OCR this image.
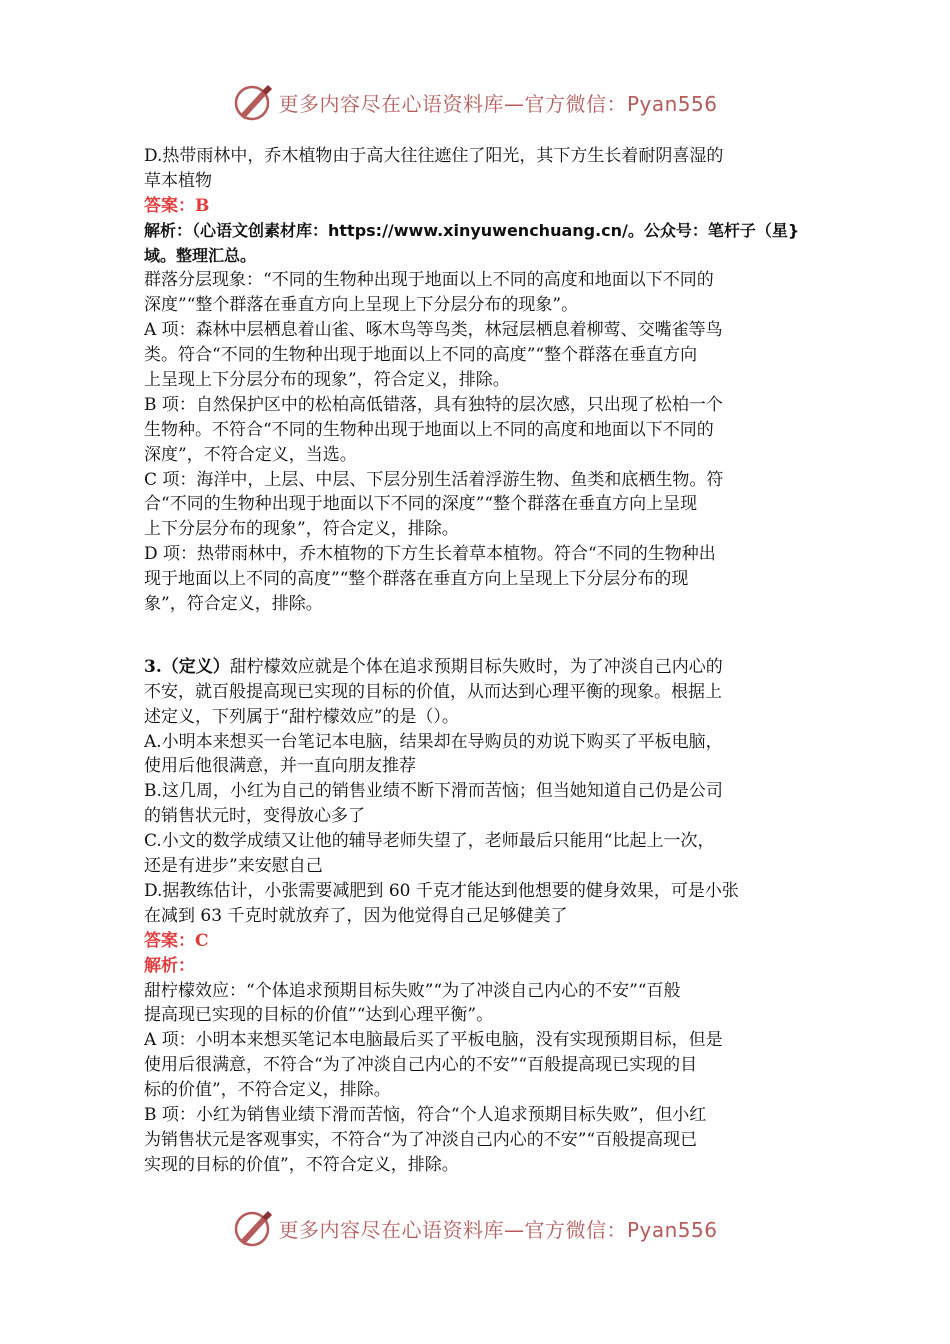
更多内容尽在心语资料库—官方微信：Pyan556
D.热带雨林中，乔木植物由于高大往往遮住了阳光，其下方生长着耐阴喜湿的
草本植物
答案：B
解析：（心语文创素材库：https://www.xinyuwenchuang.cn/。公众号：笔杆子（星}
域。整理汇总。
群落分层现象：“不同的生物种出现于地面以上不同的高度和地面以下不同的
深度”“整个群落在垂直方向上呈现上下分层分布的现象”。
A 项：森林中层栖息着山雀、啄木鸟等鸟类，林冠层栖息着柳莺、交嘴雀等鸟
类。符合“不同的生物种出现于地面以上不同的高度”“整个群落在垂直方向
上呈现上下分层分布的现象”，符合定义，排除。
B 项：自然保护区中的松柏高低错落，具有独特的层次感，只出现了松柏一个
生物种。不符合“不同的生物种出现于地面以上不同的高度和地面以下不同的
深度”，不符合定义，当选。
C 项：海洋中，上层、中层、下层分别生活着浮游生物、鱼类和底栖生物。符
合“不同的生物种出现于地面以下不同的深度”“整个群落在垂直方向上呈现
上下分层分布的现象”，符合定义，排除。
D 项：热带雨林中，乔木植物的下方生长着草本植物。符合“不同的生物种出
现于地面以上不同的高度”“整个群落在垂直方向上呈现上下分层分布的现
象”，符合定义，排除。
3.（定义）甜柠檬效应就是个体在追求预期目标失败时，为了冲淡自己内心的
不安，就百般提高现已实现的目标的价值，从而达到心理平衡的现象。根据上
述定义，下列属于“甜柠檬效应”的是（）。
A.小明本来想买一台笔记本电脑，结果却在导购员的劝说下购买了平板电脑，
使用后他很满意，并一直向朋友推荐
B.这几周，小红为自己的销售业绩不断下滑而苦恼；但当她知道自己仍是公司
的销售状元时，变得放心多了
C.小文的数学成绩又让他的辅导老师失望了，老师最后只能用“比起上一次，
还是有进步”来安慰自己
D.据教练估计，小张需要减肥到 60 千克才能达到他想要的健身效果，可是小张
在减到 63 千克时就放弃了，因为他觉得自己足够健美了
答案：C
解析：
甜柠檬效应：“个体追求预期目标失败”“为了冲淡自己内心的不安”“百般
提高现已实现的目标的价值”“达到心理平衡”。
A 项：小明本来想买笔记本电脑最后买了平板电脑，没有实现预期目标，但是
使用后很满意，不符合“为了冲淡自己内心的不安”“百般提高现已实现的目
标的价值”，不符合定义，排除。
B 项：小红为销售业绩下滑而苦恼，符合“个人追求预期目标失败”，但小红
为销售状元是客观事实，不符合“为了冲淡自己内心的不安”“百般提高现已
实现的目标的价值”，不符合定义，排除。
更多内容尽在心语资料库—官方微信：Pyan556
